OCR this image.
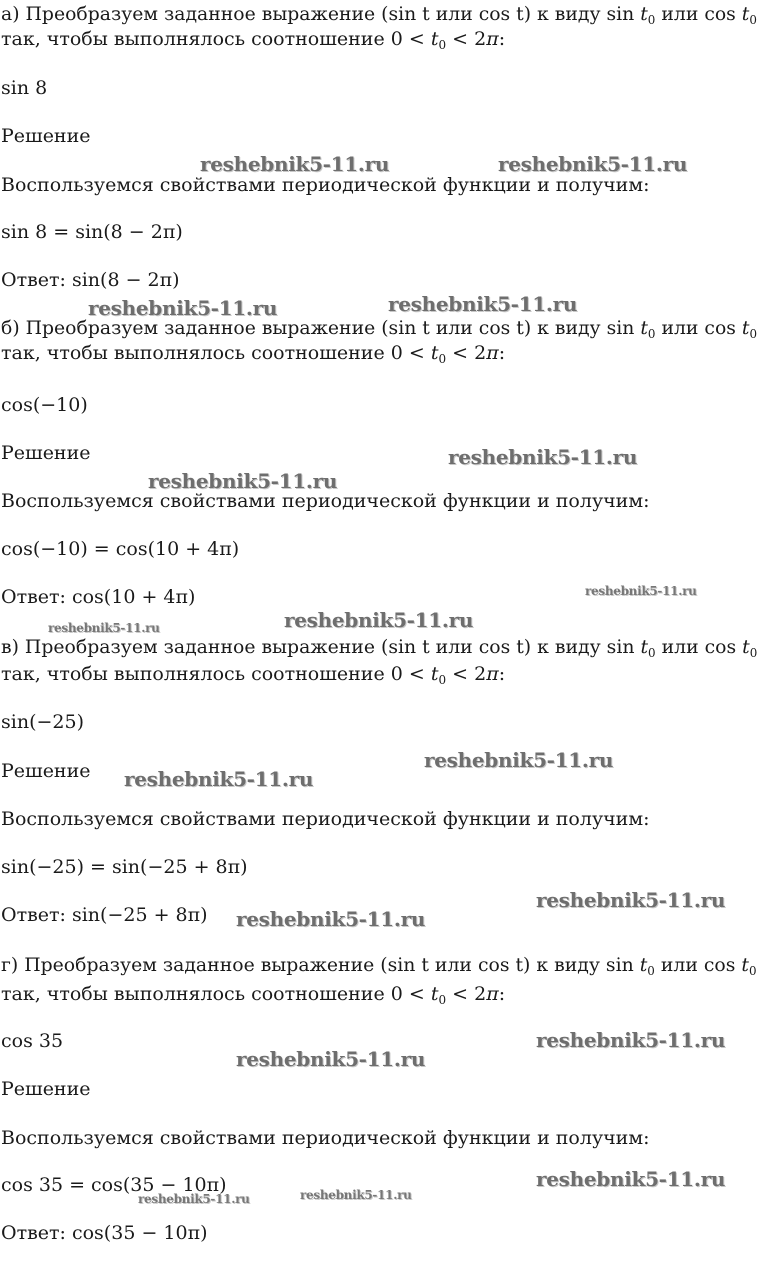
а) Преобразуем заданное выражение (sin t или cos t) к виду $\sin t_0$ или $\cos t_0$
так, чтобы выполнялось соотношение $0 < t_0 < 2\pi$:
sin 8
Решение
Воспользуемся свойствами периодической функции и получим:
sin 8 = sin(8 − 2π)
Ответ: sin(8 − 2π)
б) Преобразуем заданное выражение (sin t или cos t) к виду $\sin t_0$ или $\cos t_0$
так, чтобы выполнялось соотношение $0 < t_0 < 2\pi$:
cos(−10)
Решение
Воспользуемся свойствами периодической функции и получим:
cos(−10) = cos(10 + 4π)
Ответ: cos(10 + 4π)
в) Преобразуем заданное выражение (sin t или cos t) к виду $\sin t_0$ или $\cos t_0$
так, чтобы выполнялось соотношение $0 < t_0 < 2\pi$:
sin(−25)
Решение
Воспользуемся свойствами периодической функции и получим:
sin(−25) = sin(−25 + 8π)
Ответ: sin(−25 + 8π)
г) Преобразуем заданное выражение (sin t или cos t) к виду $\sin t_0$ или $\cos t_0$
так, чтобы выполнялось соотношение $0 < t_0 < 2\pi$:
cos 35
Решение
Воспользуемся свойствами периодической функции и получим:
cos 35 = cos(35 − 10π)
Ответ: cos(35 − 10π)
reshebnik5-11.ru	reshebnik5-11.ru
reshebnik5-11.ru	reshebnik5-11.ru
reshebnik5-11.ru
reshebnik5-11.ru
reshebnik5-11.ru
reshebnik5-11.ru
reshebnik5-11.ru
reshebnik5-11.ru
reshebnik5-11.ru
reshebnik5-11.ru
reshebnik5-11.ru
reshebnik5-11.ru
reshebnik5-11.ru
reshebnik5-11.ru
reshebnik5-11.ru
reshebnik5-11.ru
